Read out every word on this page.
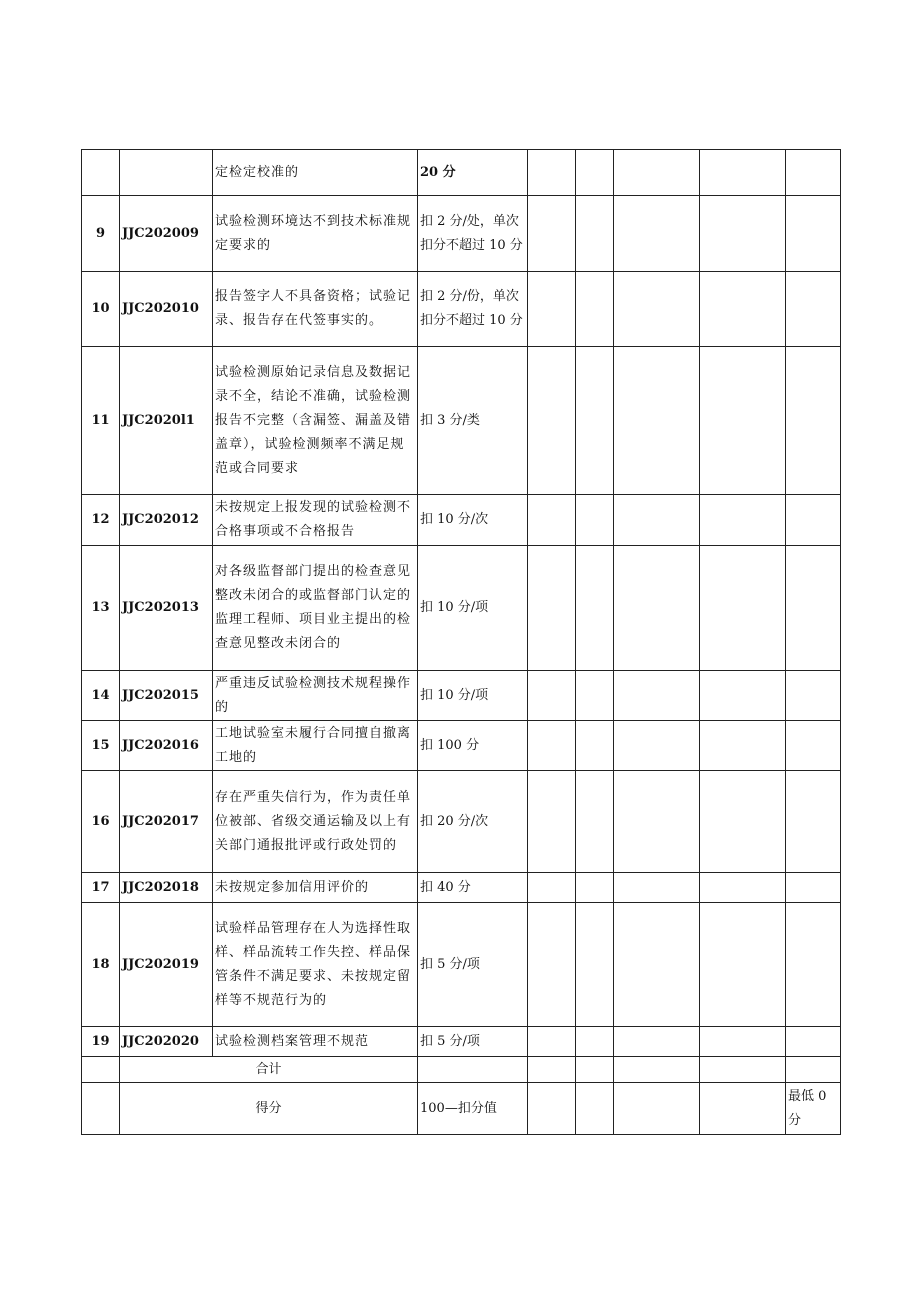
		定检定校准的	20 分					
9	JJC202009	试验检测环境达不到技术标准规定要求的	扣 2 分/处，单次扣分不超过 10 分					
10	JJC202010	报告签字人不具备资格；试验记录、报告存在代签事实的。	扣 2 分/份，单次扣分不超过 10 分					
11	JJC2020l1	试验检测原始记录信息及数据记录不全，结论不准确，试验检测报告不完整（含漏签、漏盖及错盖章），试验检测频率不满足规范或合同要求	扣 3 分/类					
12	JJC202012	未按规定上报发现的试验检测不合格事项或不合格报告	扣 10 分/次					
13	JJC202013	对各级监督部门提出的检查意见整改未闭合的或监督部门认定的监理工程师、项目业主提出的检查意见整改未闭合的	扣 10 分/项					
14	JJC202015	严重违反试验检测技术规程操作的	扣 10 分/项					
15	JJC202016	工地试验室未履行合同擅自撤离工地的	扣 100 分					
16	JJC202017	存在严重失信行为，作为责任单位被部、省级交通运输及以上有关部门通报批评或行政处罚的	扣 20 分/次					
17	JJC202018	未按规定参加信用评价的	扣 40 分					
18	JJC202019	试验样品管理存在人为选择性取样、样品流转工作失控、样品保管条件不满足要求、未按规定留样等不规范行为的	扣 5 分/项					
19	JJC202020	试验检测档案管理不规范	扣 5 分/项					
	合计							
	得分		100—扣分值					最低 0 分
